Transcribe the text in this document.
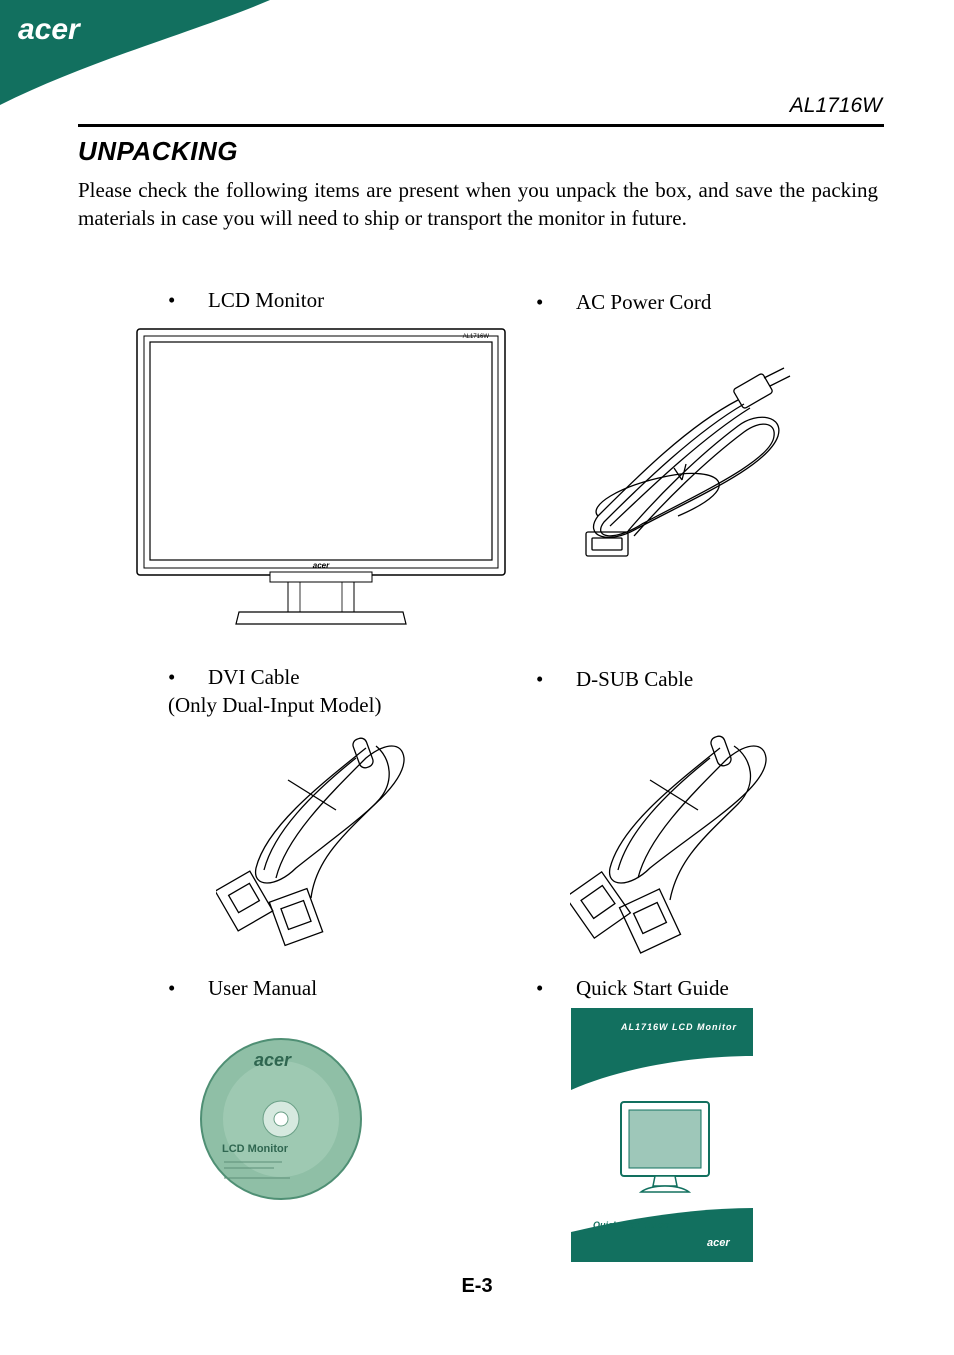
acer
AL1716W
UNPACKING
Please check the following items are present when you unpack the box, and save the packing materials in case you will need to ship or transport the monitor in future.
• LCD Monitor
AL1716W
acer
• AC Power Cord
• DVI Cable
(Only Dual-Input Model)
• D-SUB Cable
• User Manual
acer
LCD Monitor
• Quick Start Guide
AL1716W LCD Monitor
Quick Start Guide
acer
E-3
